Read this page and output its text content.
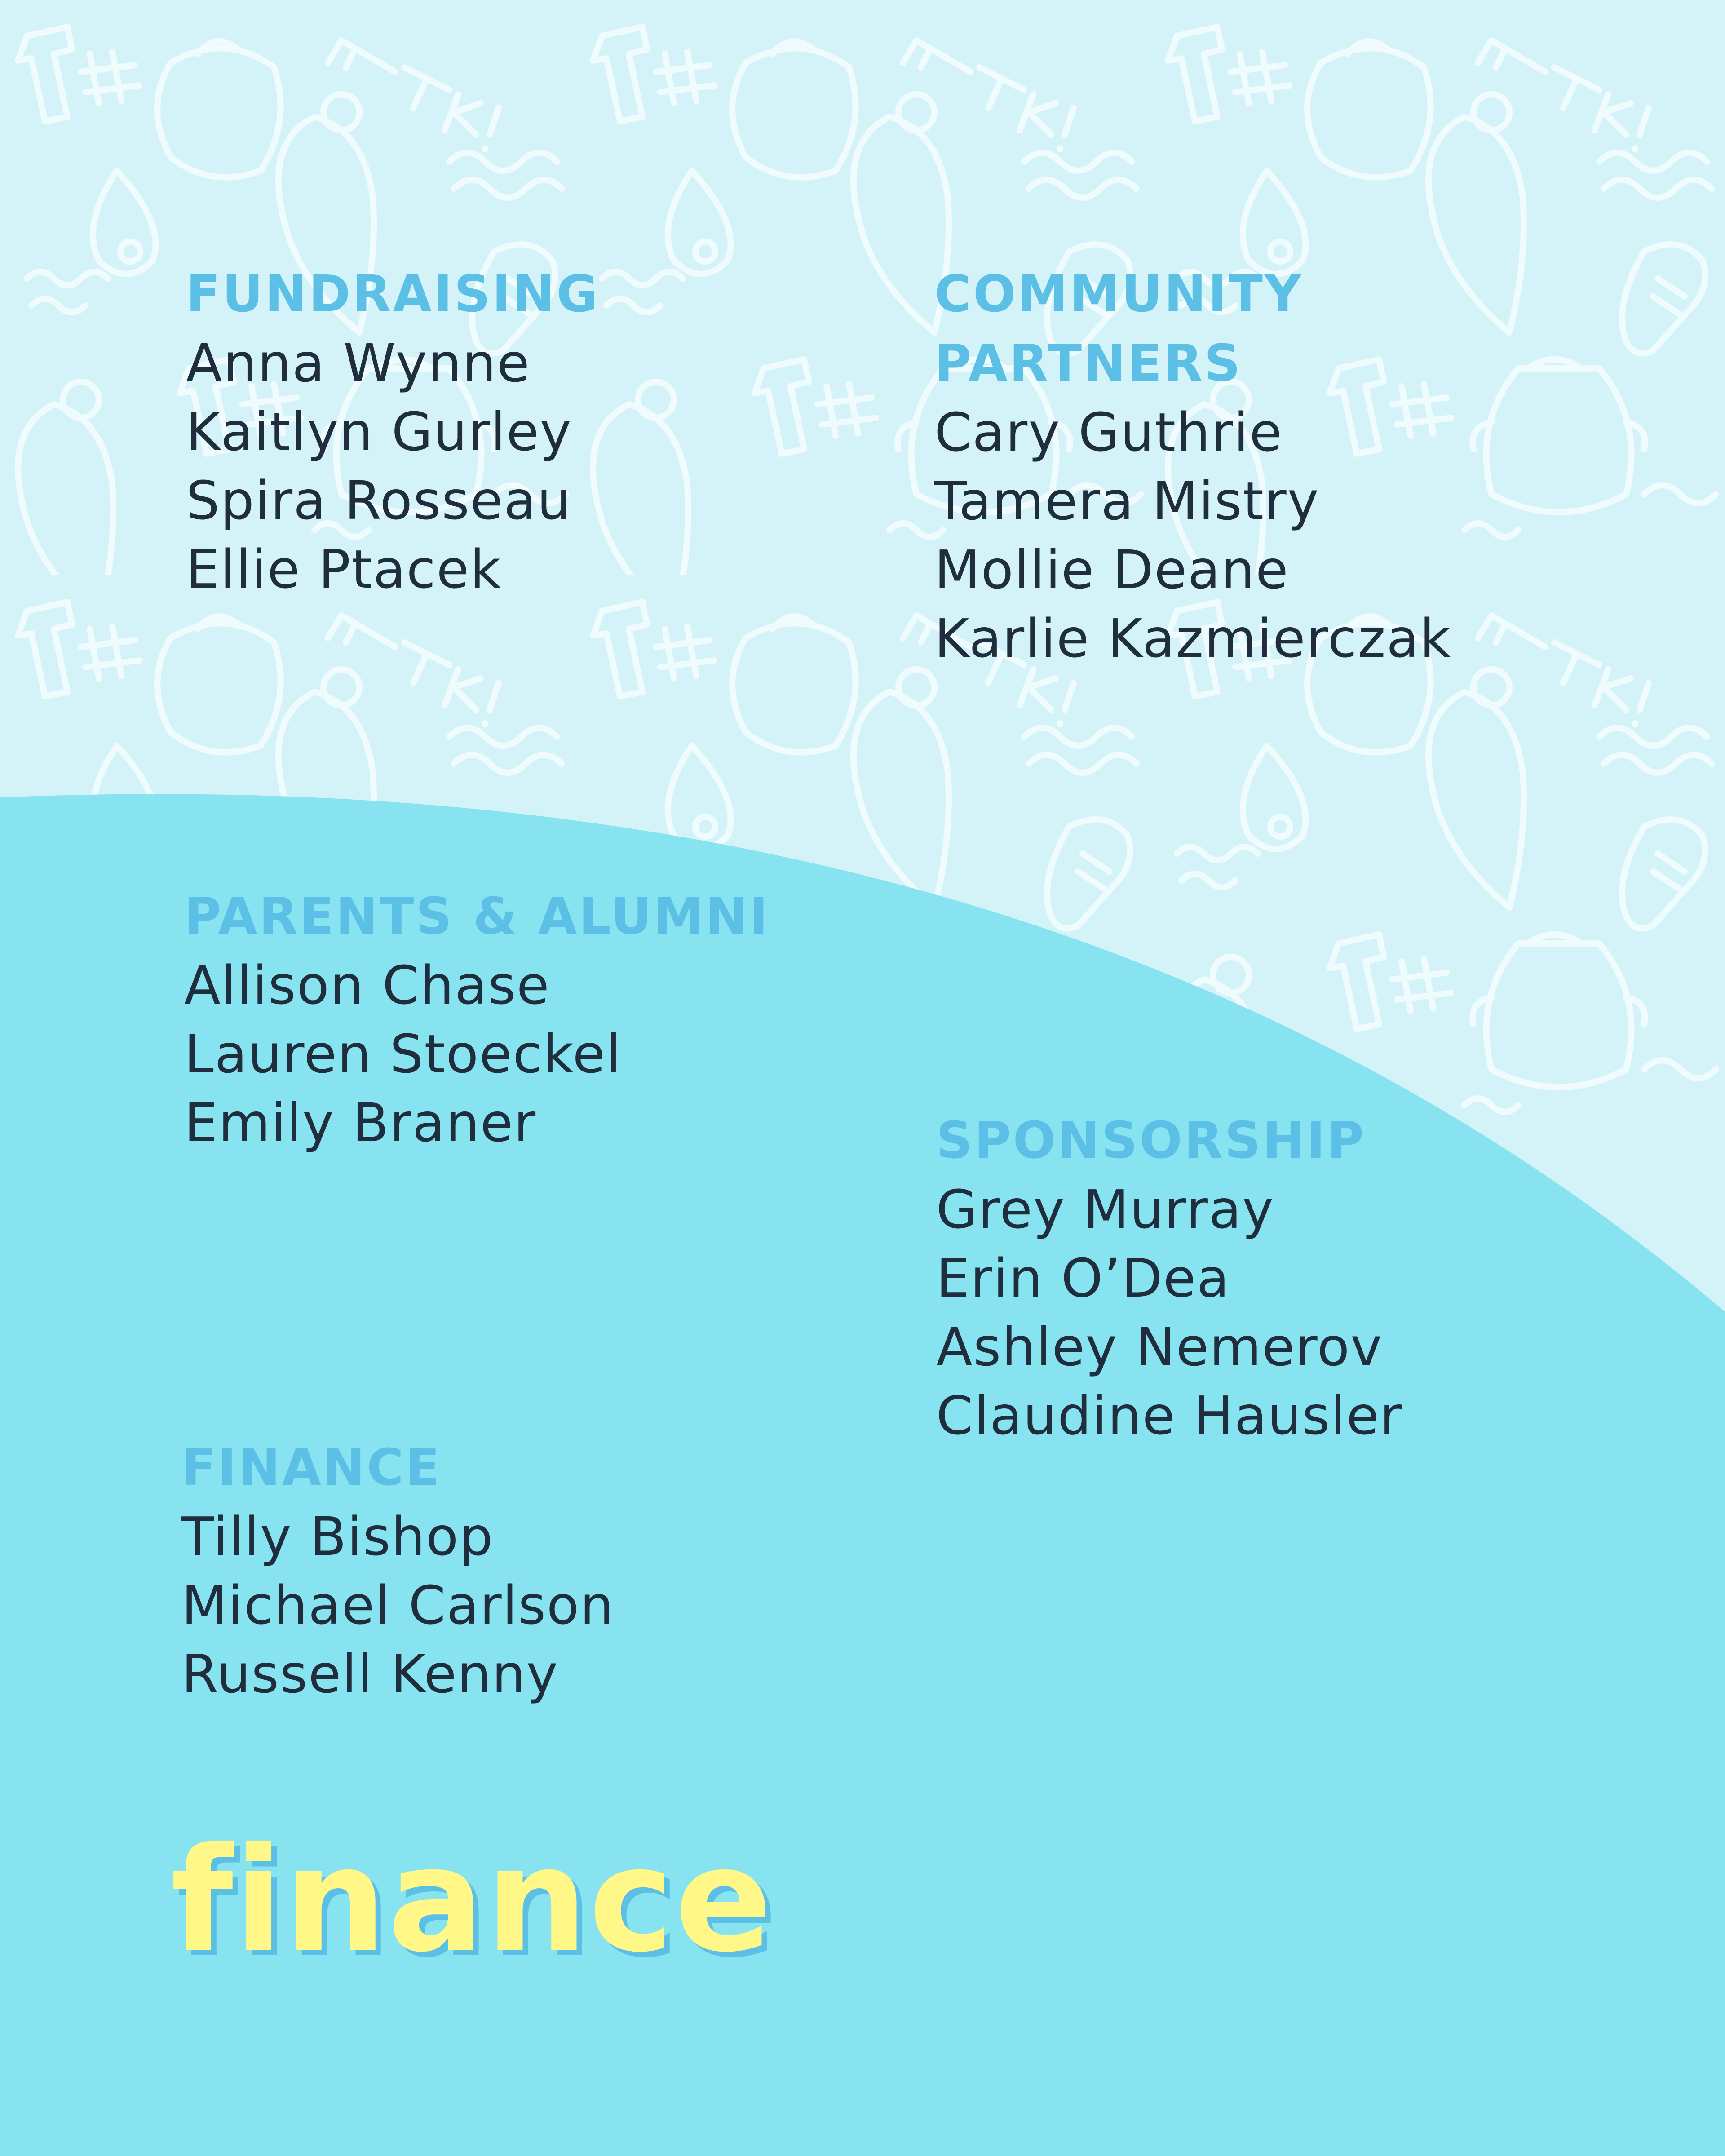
FUNDRAISING

Anna Wynne

Kaitlyn Gurley

Spira Rosseau

Ellie Ptacek

COMMUNITY
PARTNERS

Cary Guthrie

Tamera Mistry

Mollie Deane

Karlie Kazmierczak

PARENTS & ALUMNI

Allison Chase

Lauren Stoeckel

Emily Braner	SPONSORSHIP

Grey Murray

Erin O’Dea

Ashley Nemerov

Claudine Hausler

FINANCE

Tilly Bishop

Michael Carlson

Russell Kenny

finance
